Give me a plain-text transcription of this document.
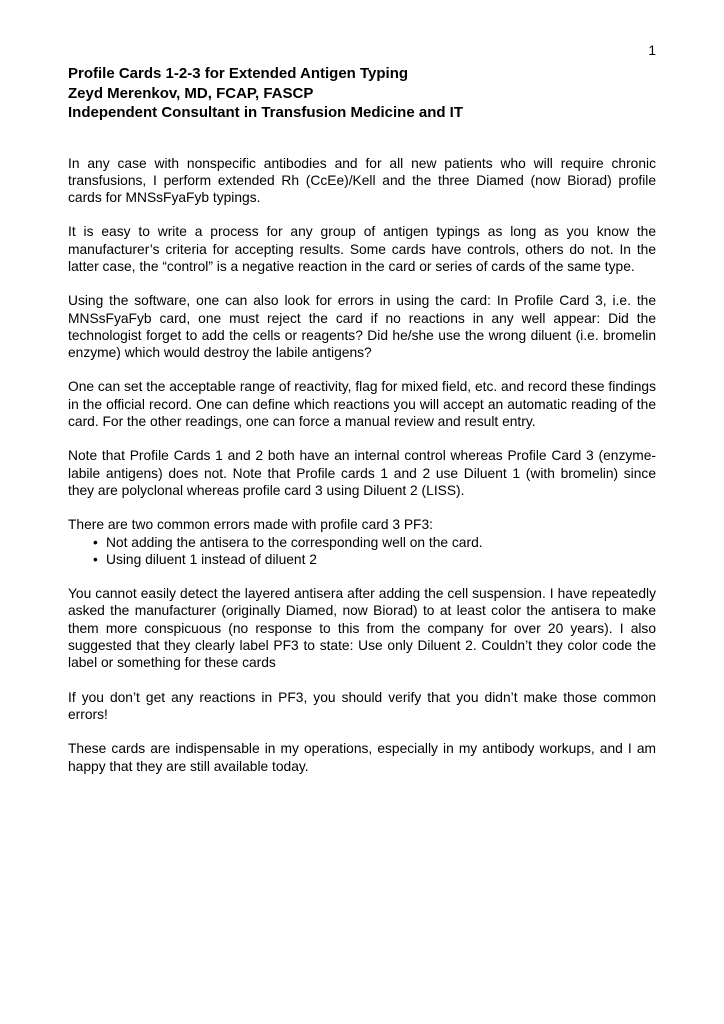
1

Profile Cards 1-2-3 for Extended Antigen Typing

Zeyd Merenkov, MD, FCAP, FASCP

Independent Consultant in Transfusion Medicine and IT

In any case with nonspecific antibodies and for all new patients who will require chronic transfusions, I perform extended Rh (CcEe)/Kell and the three Diamed (now Biorad) profile cards for MNSsFyaFyb typings.

It is easy to write a process for any group of antigen typings as long as you know the manufacturer’s criteria for accepting results. Some cards have controls, others do not. In the latter case, the “control” is a negative reaction in the card or series of cards of the same type.

Using the software, one can also look for errors in using the card: In Profile Card 3, i.e. the MNSsFyaFyb card, one must reject the card if no reactions in any well appear: Did the technologist forget to add the cells or reagents? Did he/she use the wrong diluent (i.e. bromelin enzyme) which would destroy the labile antigens?

One can set the acceptable range of reactivity, flag for mixed field, etc. and record these findings in the official record. One can define which reactions you will accept an automatic reading of the card. For the other readings, one can force a manual review and result entry.

Note that Profile Cards 1 and 2 both have an internal control whereas Profile Card 3 (enzyme-labile antigens) does not. Note that Profile cards 1 and 2 use Diluent 1 (with bromelin) since they are polyclonal whereas profile card 3 using Diluent 2 (LISS).

There are two common errors made with profile card 3 PF3:

• Not adding the antisera to the corresponding well on the card.
• Using diluent 1 instead of diluent 2

You cannot easily detect the layered antisera after adding the cell suspension. I have repeatedly asked the manufacturer (originally Diamed, now Biorad) to at least color the antisera to make them more conspicuous (no response to this from the company for over 20 years). I also suggested that they clearly label PF3 to state: Use only Diluent 2. Couldn’t they color code the label or something for these cards

If you don’t get any reactions in PF3, you should verify that you didn’t make those common errors!

These cards are indispensable in my operations, especially in my antibody workups, and I am happy that they are still available today.
